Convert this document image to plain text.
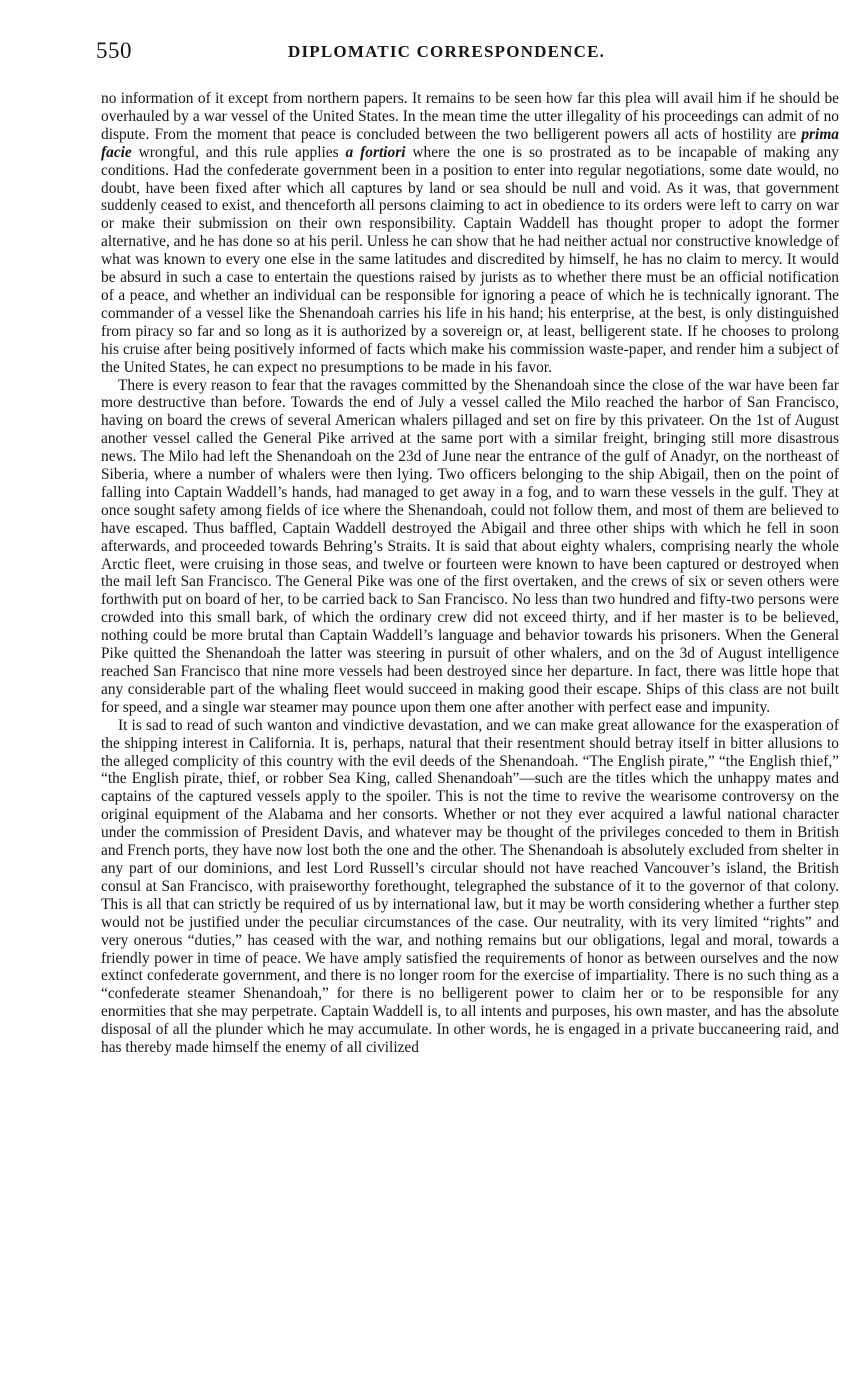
550	DIPLOMATIC CORRESPONDENCE.

no information of it except from northern papers. It remains to be seen how far this plea will avail him if he should be overhauled by a war vessel of the United States. In the mean time the utter illegality of his proceedings can admit of no dispute. From the moment that peace is concluded between the two belligerent powers all acts of hostility are prima facie wrongful, and this rule applies a fortiori where the one is so prostrated as to be incapable of making any conditions. Had the confederate government been in a position to enter into regular negotiations, some date would, no doubt, have been fixed after which all captures by land or sea should be null and void. As it was, that government suddenly ceased to exist, and thenceforth all persons claiming to act in obedience to its orders were left to carry on war or make their submission on their own responsibility. Captain Waddell has thought proper to adopt the former alternative, and he has done so at his peril. Unless he can show that he had neither actual nor constructive knowledge of what was known to every one else in the same latitudes and discredited by himself, he has no claim to mercy. It would be absurd in such a case to entertain the questions raised by jurists as to whether there must be an official notification of a peace, and whether an individual can be responsible for ignoring a peace of which he is technically ignorant. The commander of a vessel like the Shenandoah carries his life in his hand; his enterprise, at the best, is only distinguished from piracy so far and so long as it is authorized by a sovereign or, at least, belligerent state. If he chooses to prolong his cruise after being positively informed of facts which make his commission waste-paper, and render him a subject of the United States, he can expect no presumptions to be made in his favor.

There is every reason to fear that the ravages committed by the Shenandoah since the close of the war have been far more destructive than before. Towards the end of July a vessel called the Milo reached the harbor of San Francisco, having on board the crews of several American whalers pillaged and set on fire by this privateer. On the 1st of August another vessel called the General Pike arrived at the same port with a similar freight, bringing still more disastrous news. The Milo had left the Shenandoah on the 23d of June near the entrance of the gulf of Anadyr, on the northeast of Siberia, where a number of whalers were then lying. Two officers belonging to the ship Abigail, then on the point of falling into Captain Waddell’s hands, had managed to get away in a fog, and to warn these vessels in the gulf. They at once sought safety among fields of ice where the Shenandoah, could not follow them, and most of them are believed to have escaped. Thus baffled, Captain Waddell destroyed the Abigail and three other ships with which he fell in soon afterwards, and proceeded towards Behring’s Straits. It is said that about eighty whalers, comprising nearly the whole Arctic fleet, were cruising in those seas, and twelve or fourteen were known to have been captured or destroyed when the mail left San Francisco. The General Pike was one of the first overtaken, and the crews of six or seven others were forthwith put on board of her, to be carried back to San Francisco. No less than two hundred and fifty-two persons were crowded into this small bark, of which the ordinary crew did not exceed thirty, and if her master is to be believed, nothing could be more brutal than Captain Waddell’s language and behavior towards his prisoners. When the General Pike quitted the Shenandoah the latter was steering in pursuit of other whalers, and on the 3d of August intelligence reached San Francisco that nine more vessels had been destroyed since her departure. In fact, there was little hope that any considerable part of the whaling fleet would succeed in making good their escape. Ships of this class are not built for speed, and a single war steamer may pounce upon them one after another with perfect ease and impunity.

It is sad to read of such wanton and vindictive devastation, and we can make great allowance for the exasperation of the shipping interest in California. It is, perhaps, natural that their resentment should betray itself in bitter allusions to the alleged complicity of this country with the evil deeds of the Shenandoah. “The English pirate,” “the English thief,” “the English pirate, thief, or robber Sea King, called Shenandoah”—such are the titles which the unhappy mates and captains of the captured vessels apply to the spoiler. This is not the time to revive the wearisome controversy on the original equipment of the Alabama and her consorts. Whether or not they ever acquired a lawful national character under the commission of President Davis, and whatever may be thought of the privileges conceded to them in British and French ports, they have now lost both the one and the other. The Shenandoah is absolutely excluded from shelter in any part of our dominions, and lest Lord Russell’s circular should not have reached Vancouver’s island, the British consul at San Francisco, with praiseworthy forethought, telegraphed the substance of it to the governor of that colony. This is all that can strictly be required of us by international law, but it may be worth considering whether a further step would not be justified under the peculiar circumstances of the case. Our neutrality, with its very limited “rights” and very onerous “duties,” has ceased with the war, and nothing remains but our obligations, legal and moral, towards a friendly power in time of peace. We have amply satisfied the requirements of honor as between ourselves and the now extinct confederate government, and there is no longer room for the exercise of impartiality. There is no such thing as a “confederate steamer Shenandoah,” for there is no belligerent power to claim her or to be responsible for any enormities that she may perpetrate. Captain Waddell is, to all intents and purposes, his own master, and has the absolute disposal of all the plunder which he may accumulate. In other words, he is engaged in a private buccaneering raid, and has thereby made himself the enemy of all civilized
